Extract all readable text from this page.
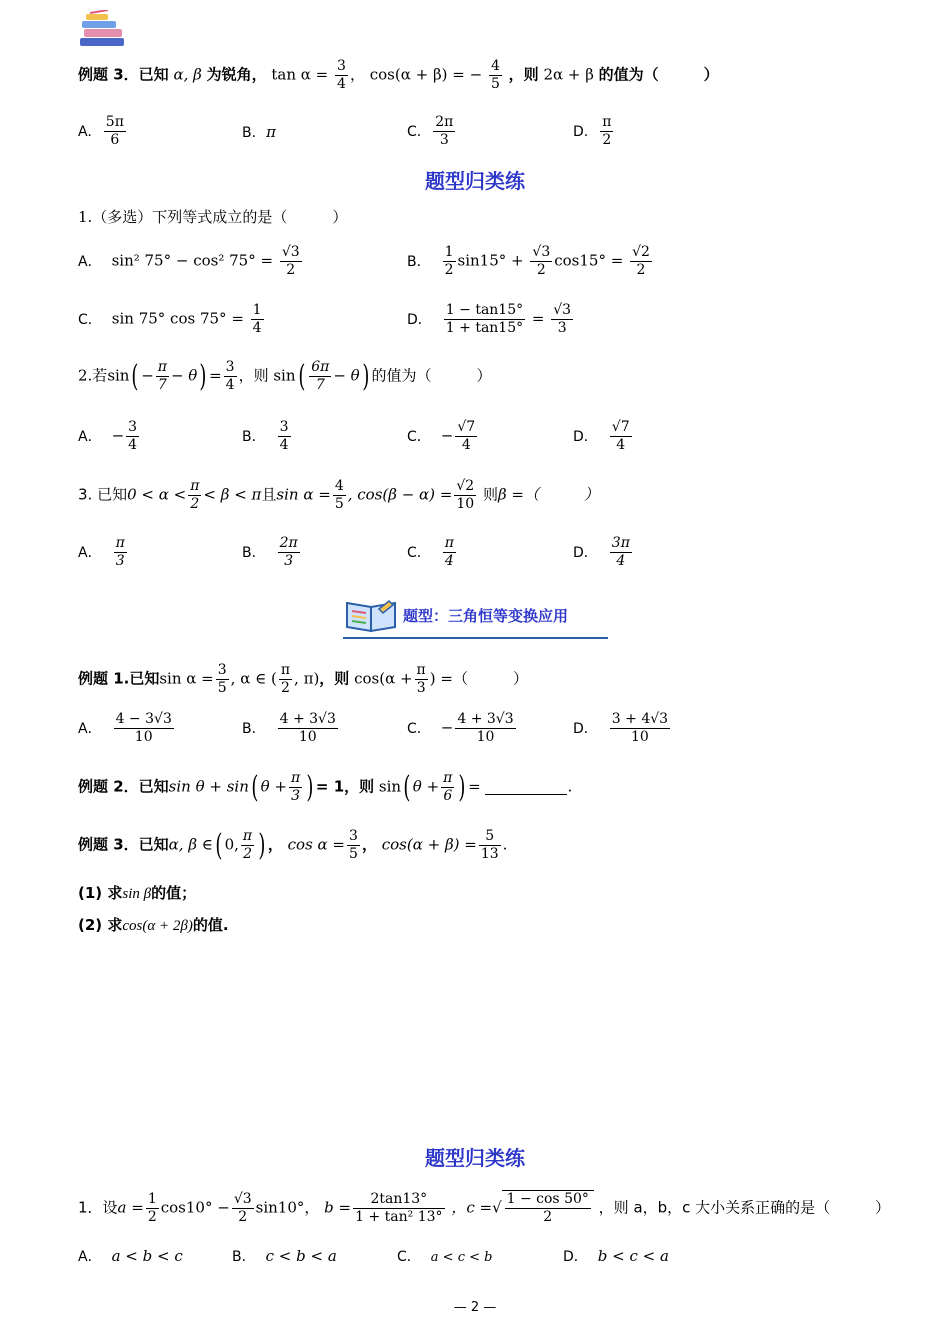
例题 3．已知 α, β 为锐角， $\tan \alpha = \frac{3}{4}$ ， cos(α + β) = − $\frac{4}{5}$ ，则 2α + β 的值为（　　　）
A. $\frac{5\pi}{6}$	B. π	C. $\frac{2\pi}{3}$	D. $\frac{\pi}{2}$
题型归类练
1.（多选）下列等式成立的是（　　　）
A． sin² 75° − cos² $75^\circ = \frac{√3}{2}$	B． $\frac{1}{2} \sin 15^\circ + \frac{√3}{2} \cos 15^\circ = \frac{√2}{2}$
C． sin 75° $\cos 75^\circ = \frac{1}{4}$	D． $\frac{1 - \tan 15^\circ}{1 + \tan 15^\circ} = \frac{√3}{3}$
2.若$\sin( - \frac{\pi}{7} - \theta) = \frac{3}{4}$ ，则 $\sin( \frac{6\pi}{7} - \theta)$ 的值为（　　　）
A． − $\frac{3}{4}$	B． $\frac{3}{4}$	C． − $\frac{√7}{4}$	D． $\frac{√7}{4}$
3. 已知$0 < \alpha < \frac{\pi}{2} < \beta < \pi$且$\sin \alpha = \frac{4}{5}$ , $\cos(\beta - \alpha) = \frac{√2}{10}$ 则β =（　　　）
A． $\frac{\pi}{3}$	B． $\frac{2\pi}{3}$	C． $\frac{\pi}{4}$	D． $\frac{3\pi}{4}$
题型：三角恒等变换应用
例题 1.已知$\sin \alpha = \frac{3}{5}$ , α ∈ ( $\frac{\pi}{2}$ , π)，则 $\cos(\alpha + \frac{\pi}{3}$ ) =（　　　）
A． $\frac{4 - 3√3}{10}$	B． $\frac{4 + 3√3}{10}$	C． − $\frac{4 + 3√3}{10}$	D． $\frac{3 + 4√3}{10}$
例题 2．已知sin θ + sin( $\theta + \frac{\pi}{3}$ ) = 1，则 sin( $\theta + \frac{\pi}{6}$ ) =	.
例题 3．已知α, β ∈( 0, $\frac{\pi}{2}$ ) ， $\cos \alpha = \frac{3}{5}$ ， $\cos(\alpha + \beta) = \frac{5}{13}$ .
(1) 求sin β的值；
(2) 求cos(α + 2β)的值.
题型归类练
1．设$a = \frac{1}{2} \cos 10^\circ - \frac{√3}{2} \sin 10^\circ$， $b = \frac{2\tan 13^\circ}{\text{1 + tan² 13°}}$ ，c =√ $\frac{1 - \cos 50^\circ}{2}$ ，则 a，b，c 大小关系正确的是（　　　）
A． a < b < c	B． c < b < a	C． a < c < b	D． b < c < a
— 2 —
